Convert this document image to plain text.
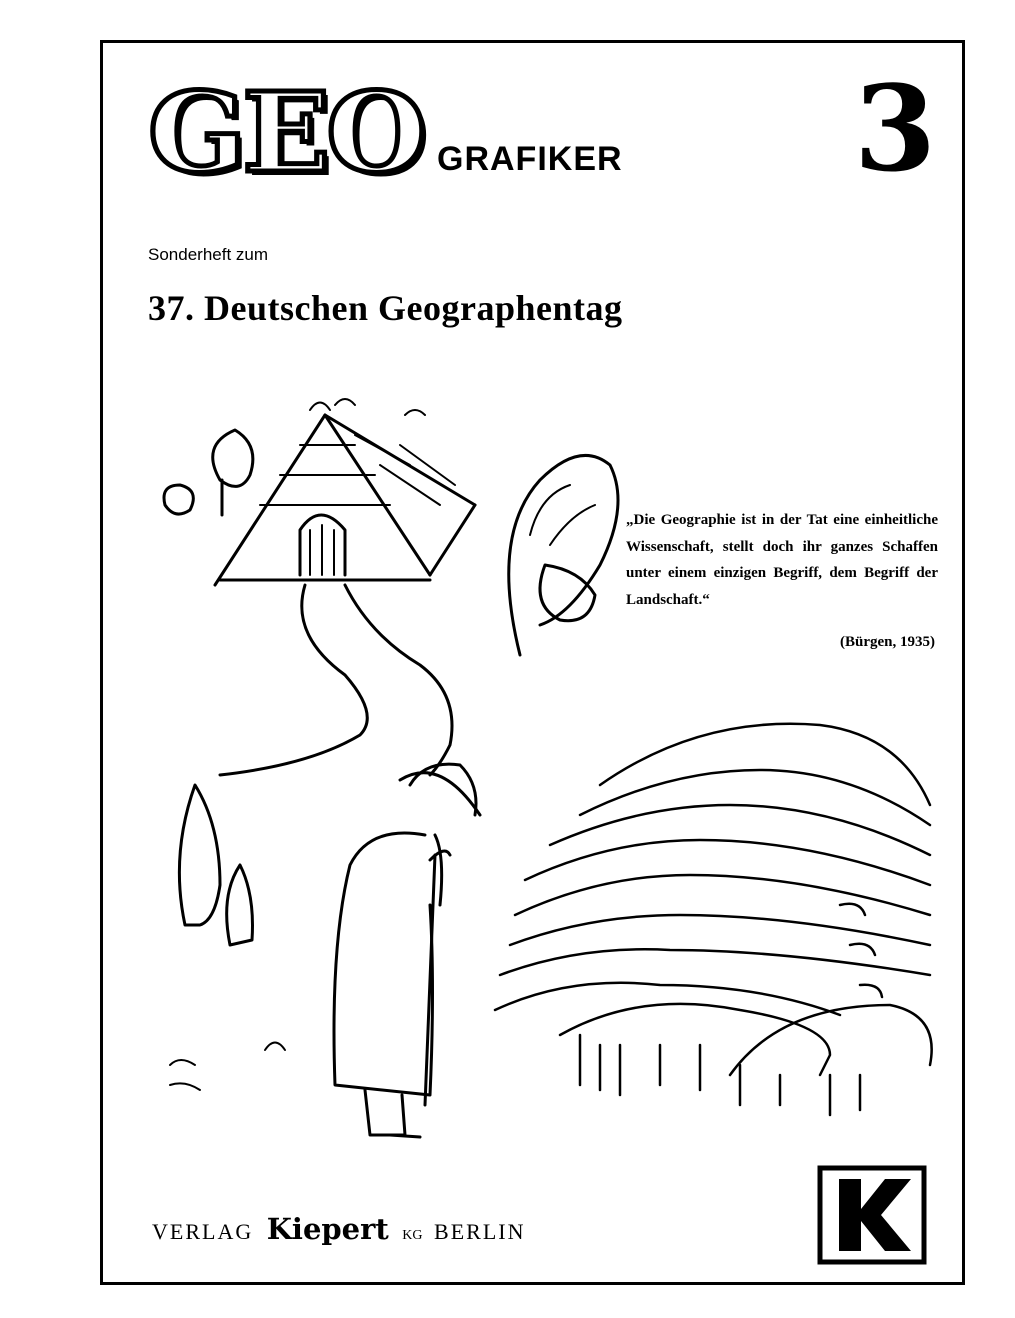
GEO GRAFIKER 3
Sonderheft zum
37. Deutschen Geographentag
„Die Geographie ist in der Tat eine einheitliche Wissenschaft, stellt doch ihr ganzes Schaffen unter einem einzigen Begriff, dem Begriff der Landschaft.“
(Bürgen, 1935)
VERLAG Kiepert KG BERLIN
